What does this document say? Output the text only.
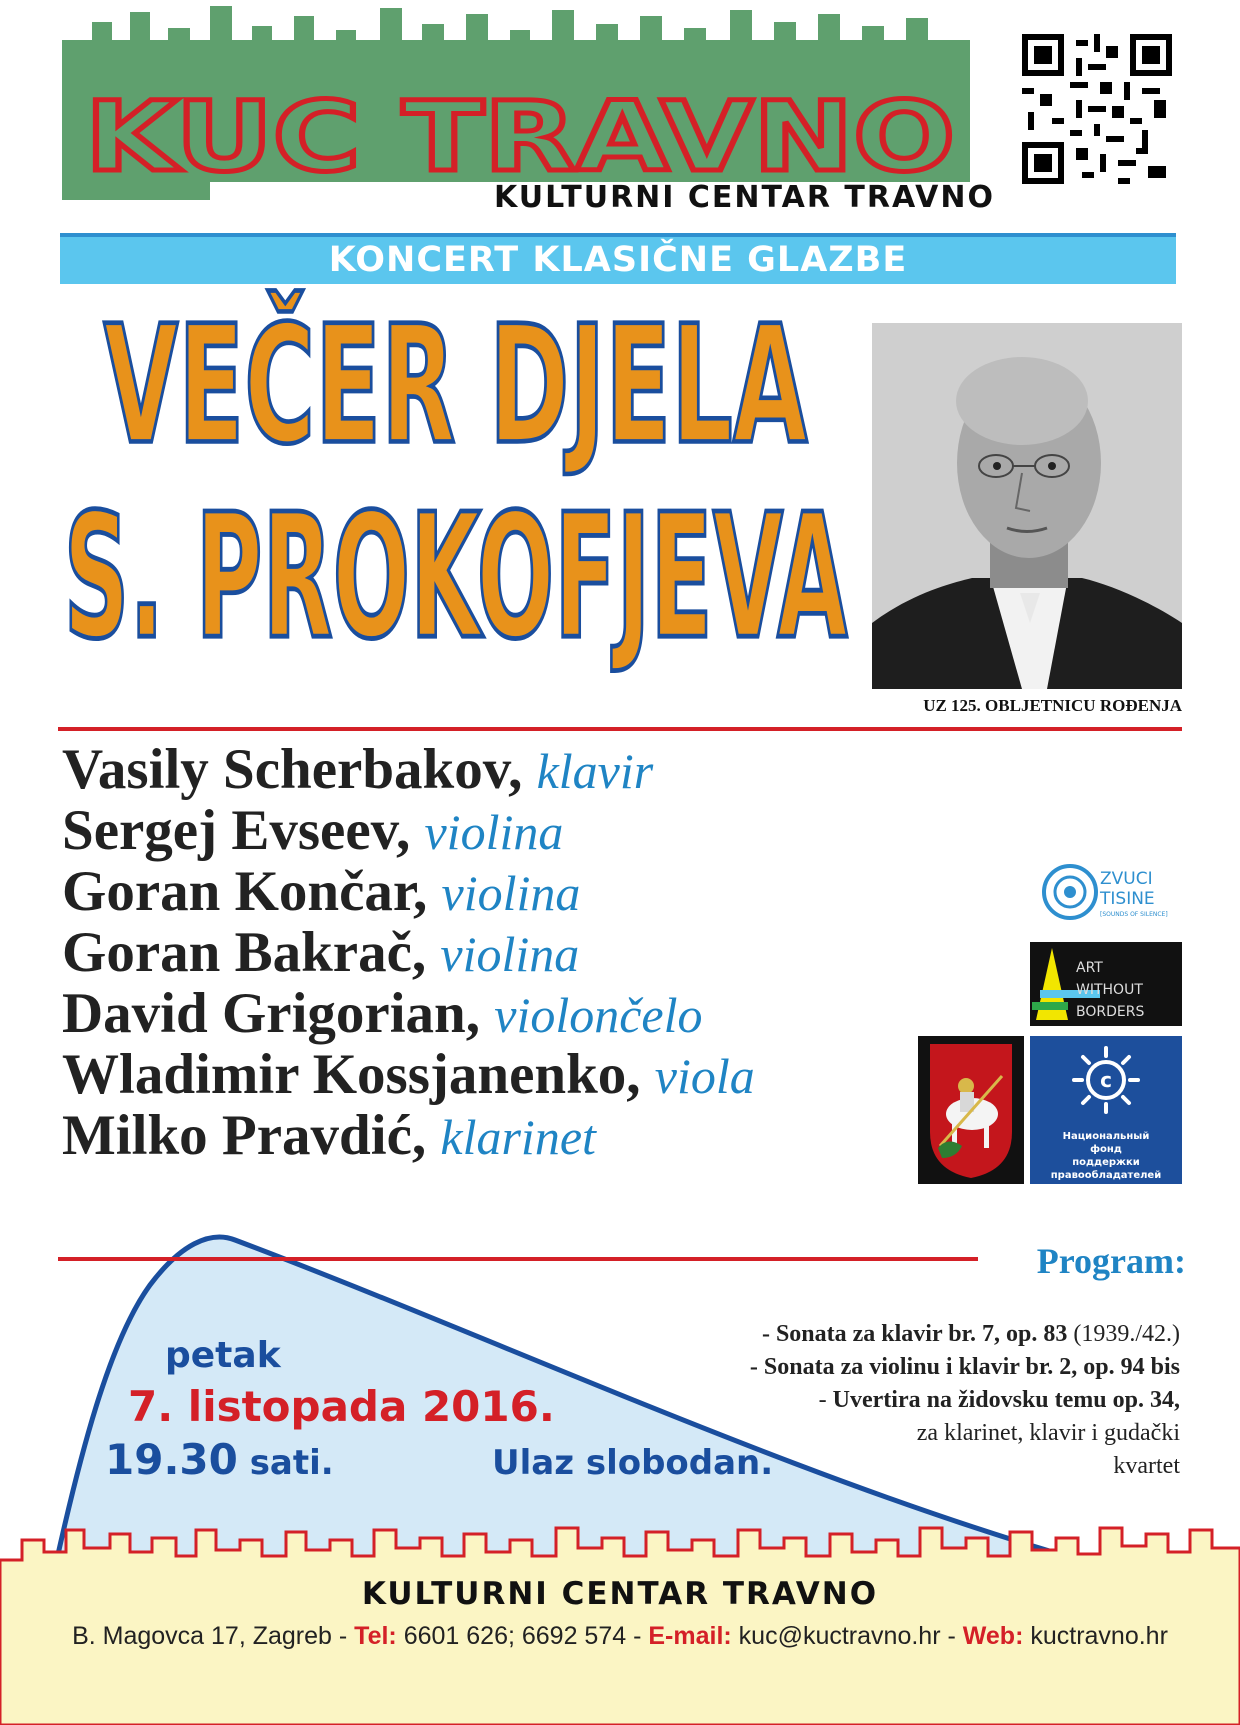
KUC TRAVNO
KULTURNI CENTAR TRAVNO
KONCERT KLASIČNE GLAZBE
VEČER DJELA
S. PROKOFJEVA
UZ 125. OBLJETNICU ROĐENJA
Vasily Scherbakov, klavir
Sergej Evseev, violina
Goran Končar, violina
Goran Bakrač, violina
David Grigorian, violončelo
Wladimir Kossjanenko, viola
Milko Pravdić, klarinet
ZVUCI
TISINE
[SOUNDS OF SILENCE]
ART
WITHOUT
BORDERS
c
Национальный
фонд
поддержки
правообладателей
Program:
- Sonata za klavir br. 7, op. 83 (1939./42.)
- Sonata za violinu i klavir br. 2, op. 94 bis
- Uvertira na židovsku temu op. 34,
za klarinet, klavir i gudački
kvartet
petak
7. listopada 2016.
19.30 sati.	Ulaz slobodan.
KULTURNI CENTAR TRAVNO
B. Magovca 17, Zagreb - Tel: 6601 626; 6692 574 - E-mail: kuc@kuctravno.hr - Web: kuctravno.hr
